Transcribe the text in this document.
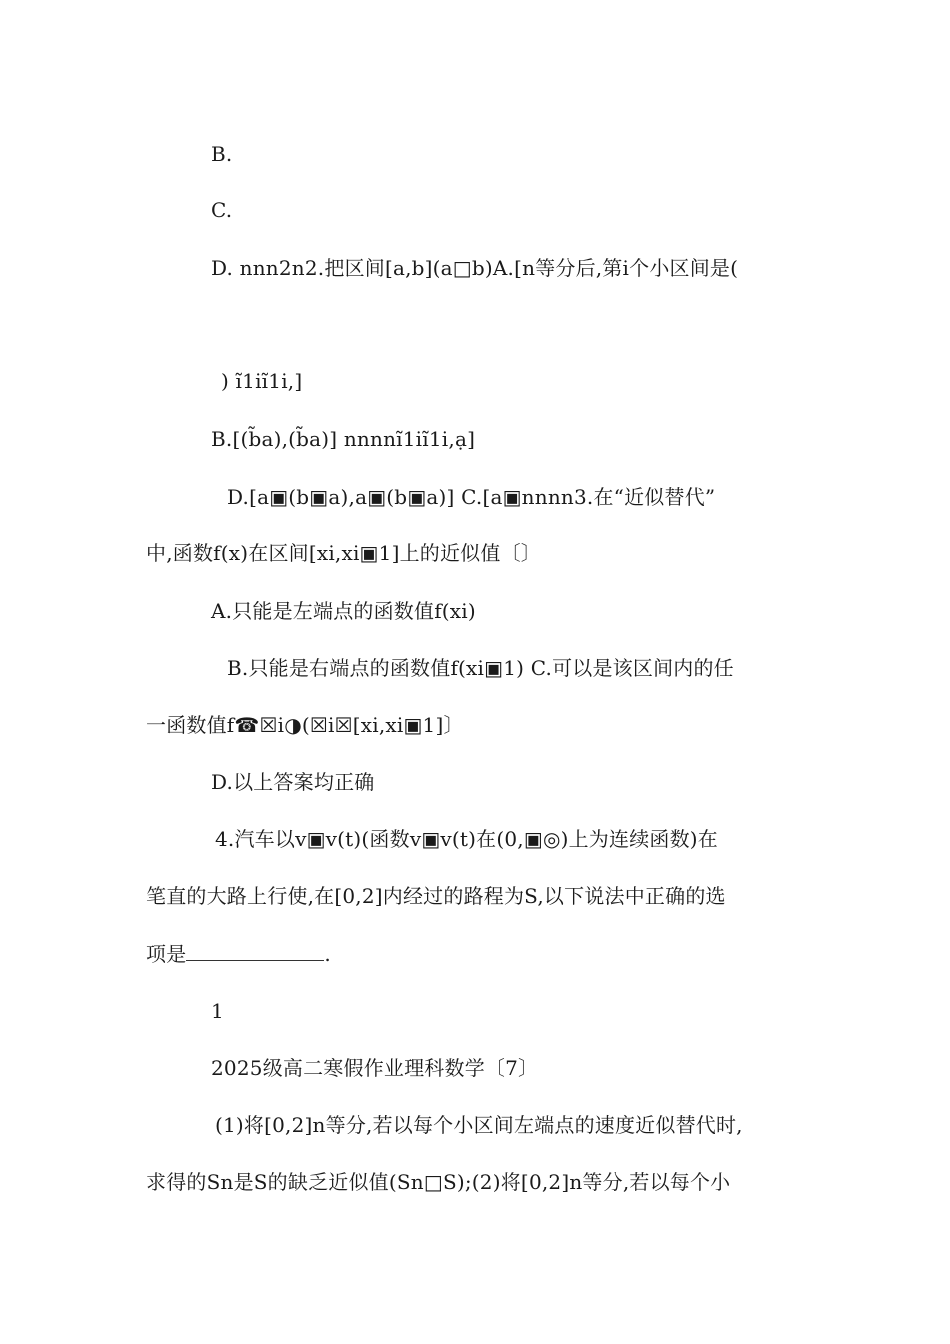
B.
C.
D. nnn2n2.把区间[a,b](a□b)A.[n等分后,第i个小区间是(
) ĩ1iĩ1i,]
B.[(b̃a),(b̃a)] nnnnĩ1iĩ1i,ạ]
D.[a▣(b▣a),a▣(b▣a)] C.[a▣nnnn3.在“近似替代”
中,函数f(x)在区间[xi,xi▣1]上的近似值〔〕
A.只能是左端点的函数值f(xi)
B.只能是右端点的函数值f(xi▣1) C.可以是该区间内的任
一函数值f☎☒i◑(☒i☒[xi,xi▣1]〕
D.以上答案均正确
4.汽车以v▣v(t)(函数v▣v(t)在(0,▣◎)上为连续函数)在
笔直的大路上行使,在[0,2]内经过的路程为S,以下说法中正确的选
项是	.
1
2025级高二寒假作业理科数学〔7〕
(1)将[0,2]n等分,若以每个小区间左端点的速度近似替代时,
求得的Sn是S的缺乏近似值(Sn□S);(2)将[0,2]n等分,若以每个小
